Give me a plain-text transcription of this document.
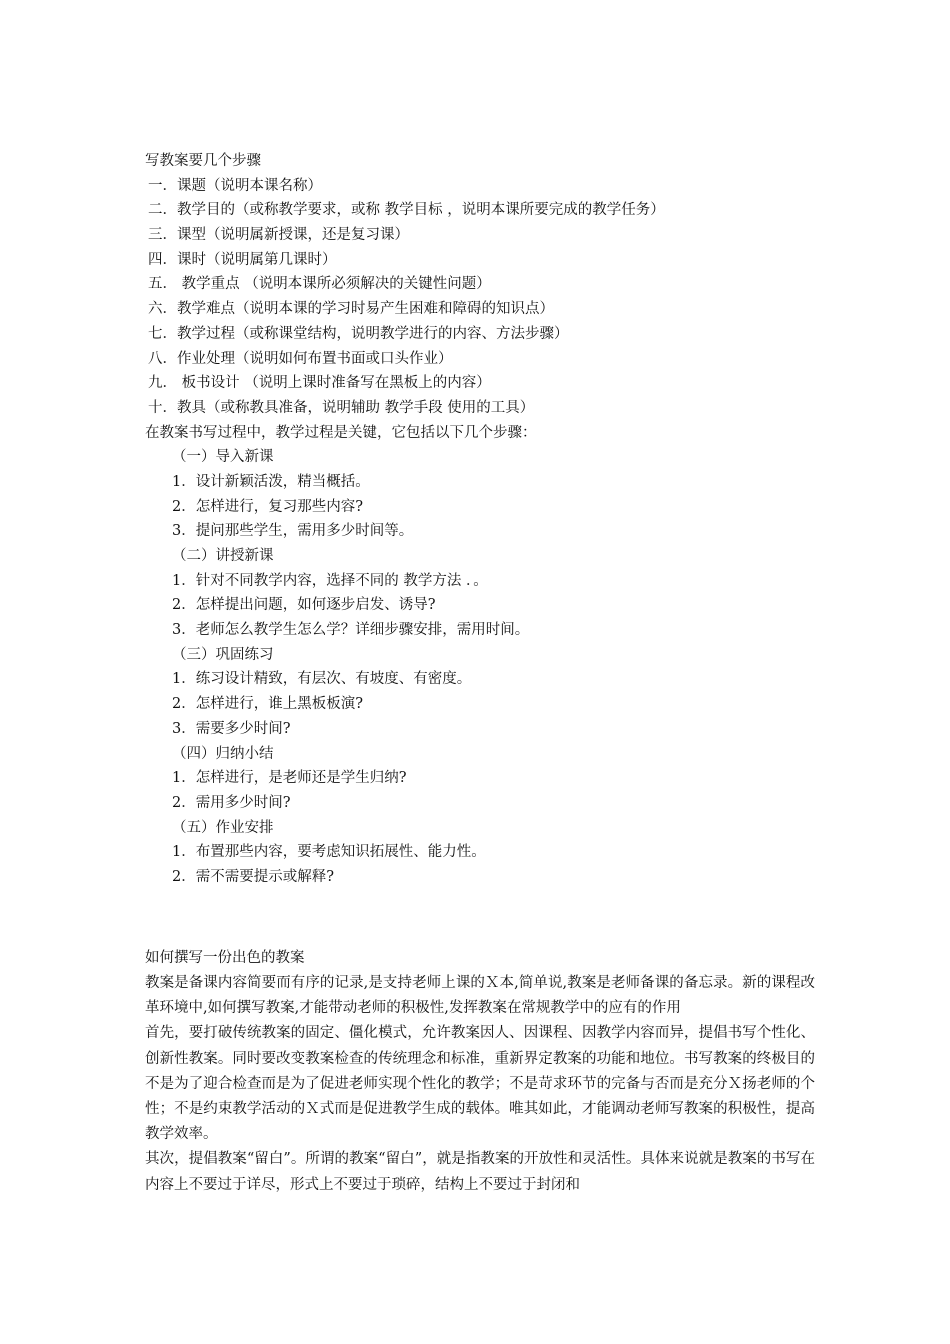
写教案要几个步骤
一．课题（说明本课名称）
二．教学目的（或称教学要求，或称 教学目标 ，说明本课所要完成的教学任务）
三．课型（说明属新授课，还是复习课）
四．课时（说明属第几课时）
五． 教学重点 （说明本课所必须解决的关键性问题）
六．教学难点（说明本课的学习时易产生困难和障碍的知识点）
七．教学过程（或称课堂结构，说明教学进行的内容、方法步骤）
八．作业处理（说明如何布置书面或口头作业）
九． 板书设计 （说明上课时准备写在黑板上的内容）
十．教具（或称教具准备，说明辅助 教学手段 使用的工具）
在教案书写过程中，教学过程是关键，它包括以下几个步骤：
（一）导入新课
1．设计新颖活泼，精当概括。
2．怎样进行，复习那些内容?
3．提问那些学生，需用多少时间等。
（二）讲授新课
1．针对不同教学内容，选择不同的 教学方法 ．。
2．怎样提出问题，如何逐步启发、诱导?
3．老师怎么教学生怎么学？详细步骤安排，需用时间。
（三）巩固练习
1．练习设计精致，有层次、有坡度、有密度。
2．怎样进行，谁上黑板板演?
3．需要多少时间?
（四）归纳小结
1．怎样进行，是老师还是学生归纳?
2．需用多少时间?
（五）作业安排
1．布置那些内容，要考虑知识拓展性、能力性。
2．需不需要提示或解释?
如何撰写一份出色的教案
教案是备课内容简要而有序的记录,是支持老师上课的Ｘ本,简单说,教案是老师备课的备忘录。新的课程改革环境中,如何撰写教案,才能带动老师的积极性,发挥教案在常规教学中的应有的作用
首先，要打破传统教案的固定、僵化模式，允许教案因人、因课程、因教学内容而异，提倡书写个性化、创新性教案。同时要改变教案检查的传统理念和标准，重新界定教案的功能和地位。书写教案的终极目的不是为了迎合检查而是为了促进老师实现个性化的教学；不是苛求环节的完备与否而是充分Ｘ扬老师的个性；不是约束教学活动的Ｘ式而是促进教学生成的载体。唯其如此，才能调动老师写教案的积极性，提高教学效率。
其次，提倡教案“留白”。所谓的教案“留白”，就是指教案的开放性和灵活性。具体来说就是教案的书写在内容上不要过于详尽，形式上不要过于琐碎，结构上不要过于封闭和
